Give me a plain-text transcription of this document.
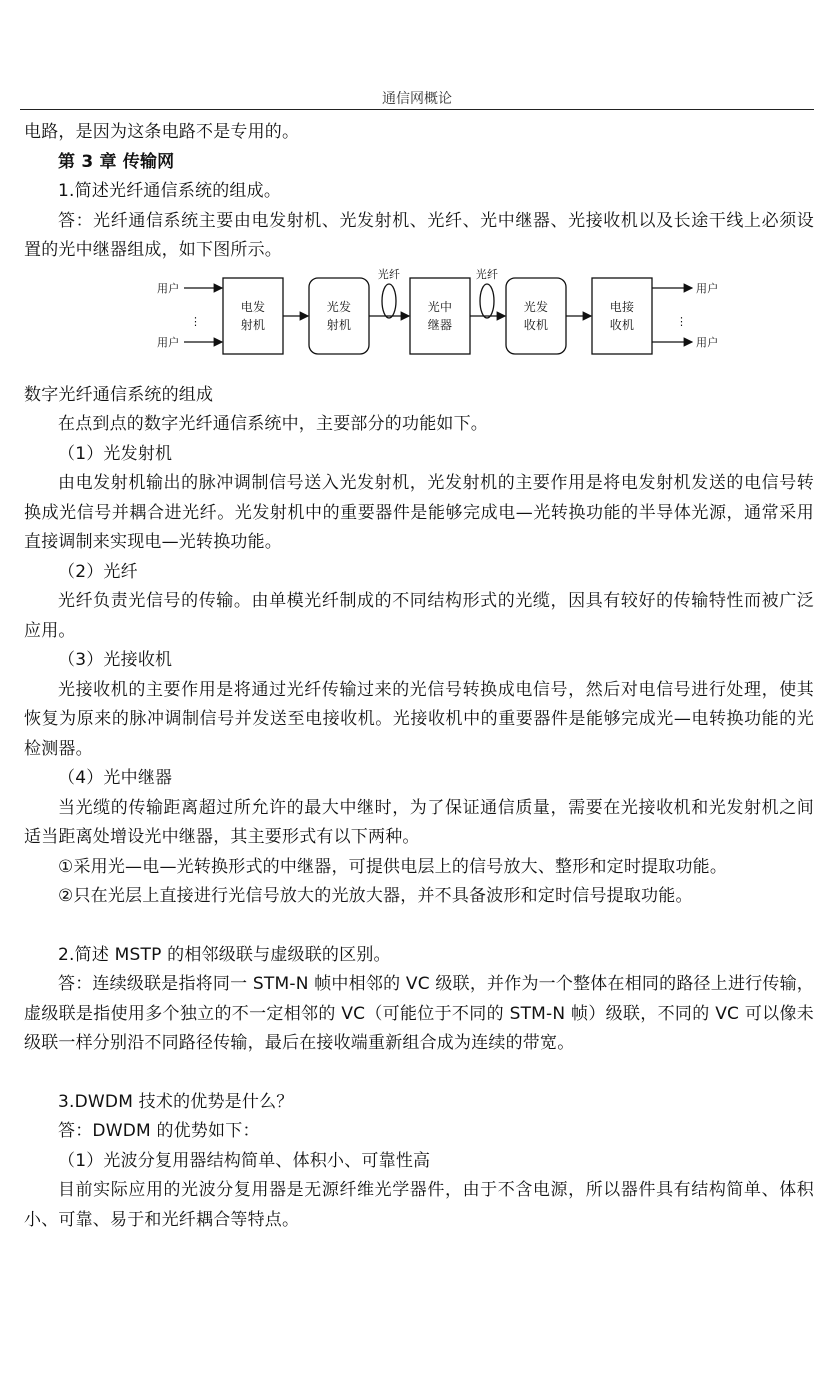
通信网概论

电路，是因为这条电路不是专用的。

第 3 章 传输网

1.简述光纤通信系统的组成。

答：光纤通信系统主要由电发射机、光发射机、光纤、光中继器、光接收机以及长途干线上必须设置的光中继器组成，如下图所示。

用户
⋮
用户
电发
射机
光发
射机
光纤
光中
继器
光纤
光发
收机
电接
收机
用户
⋮
用户

数字光纤通信系统的组成

在点到点的数字光纤通信系统中，主要部分的功能如下。

（1）光发射机

由电发射机输出的脉冲调制信号送入光发射机，光发射机的主要作用是将电发射机发送的电信号转换成光信号并耦合进光纤。光发射机中的重要器件是能够完成电—光转换功能的半导体光源，通常采用直接调制来实现电—光转换功能。

（2）光纤

光纤负责光信号的传输。由单模光纤制成的不同结构形式的光缆，因具有较好的传输特性而被广泛应用。

（3）光接收机

光接收机的主要作用是将通过光纤传输过来的光信号转换成电信号，然后对电信号进行处理，使其恢复为原来的脉冲调制信号并发送至电接收机。光接收机中的重要器件是能够完成光—电转换功能的光检测器。

（4）光中继器

当光缆的传输距离超过所允许的最大中继时，为了保证通信质量，需要在光接收机和光发射机之间适当距离处增设光中继器，其主要形式有以下两种。

①采用光—电—光转换形式的中继器，可提供电层上的信号放大、整形和定时提取功能。

②只在光层上直接进行光信号放大的光放大器，并不具备波形和定时信号提取功能。

2.简述 MSTP 的相邻级联与虚级联的区别。

答：连续级联是指将同一 STM-N 帧中相邻的 VC 级联，并作为一个整体在相同的路径上进行传输，虚级联是指使用多个独立的不一定相邻的 VC（可能位于不同的 STM-N 帧）级联，不同的 VC 可以像未级联一样分别沿不同路径传输，最后在接收端重新组合成为连续的带宽。

3.DWDM 技术的优势是什么？

答：DWDM 的优势如下：

（1）光波分复用器结构简单、体积小、可靠性高

目前实际应用的光波分复用器是无源纤维光学器件，由于不含电源，所以器件具有结构简单、体积小、可靠、易于和光纤耦合等特点。
